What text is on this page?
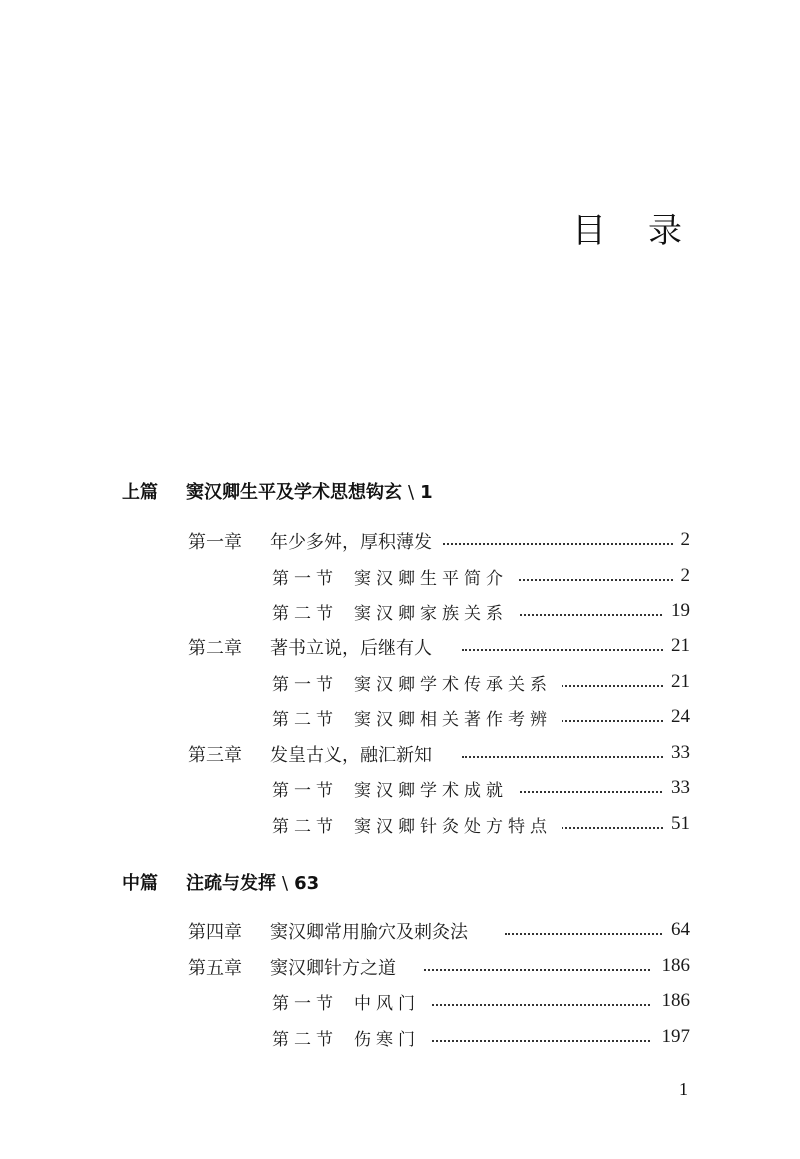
目 录
上篇 窦汉卿生平及学术思想钩玄 \ 1
第一章 年少多舛，厚积薄发	2
第一节 窦汉卿生平简介	2
第二节 窦汉卿家族关系	19
第二章 著书立说，后继有人	21
第一节 窦汉卿学术传承关系	21
第二节 窦汉卿相关著作考辨	24
第三章 发皇古义，融汇新知	33
第一节 窦汉卿学术成就	33
第二节 窦汉卿针灸处方特点	51
中篇 注疏与发挥 \ 63
第四章 窦汉卿常用腧穴及刺灸法	64
第五章 窦汉卿针方之道	186
第一节 中风门	186
第二节 伤寒门	197
1
